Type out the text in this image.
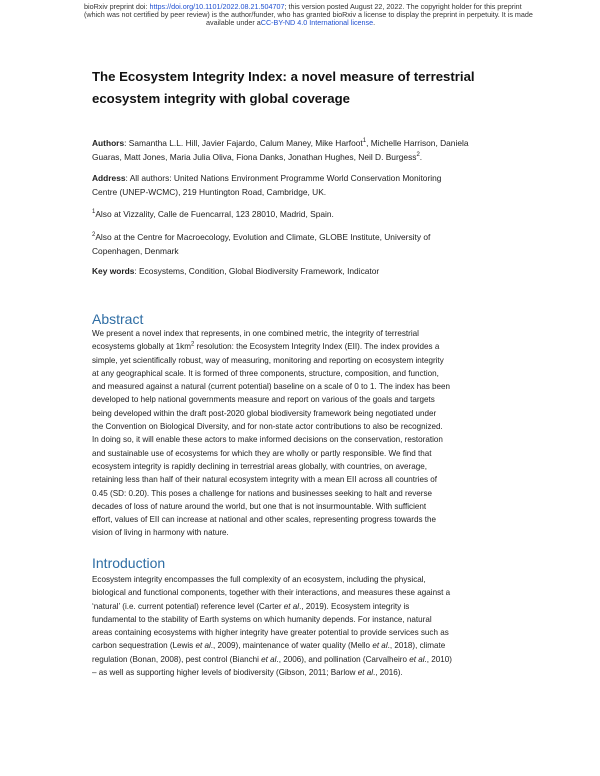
bioRxiv preprint doi: https://doi.org/10.1101/2022.08.21.504707; this version posted August 22, 2022. The copyright holder for this preprint
(which was not certified by peer review) is the author/funder, who has granted bioRxiv a license to display the preprint in perpetuity. It is made
available under aCC-BY-ND 4.0 International license.
The Ecosystem Integrity Index: a novel measure of terrestrial
ecosystem integrity with global coverage
Authors: Samantha L.L. Hill, Javier Fajardo, Calum Maney, Mike Harfoot$^1$, Michelle Harrison, Daniela
Guaras, Matt Jones, Maria Julia Oliva, Fiona Danks, Jonathan Hughes, Neil D. Burgess$^2$.
Address: All authors: United Nations Environment Programme World Conservation Monitoring
Centre (UNEP-WCMC), 219 Huntington Road, Cambridge, UK.
$^1$Also at Vizzality, Calle de Fuencarral, 123 28010, Madrid, Spain.
$^2$Also at the Centre for Macroecology, Evolution and Climate, GLOBE Institute, University of
Copenhagen, Denmark
Key words: Ecosystems, Condition, Global Biodiversity Framework, Indicator
Abstract
We present a novel index that represents, in one combined metric, the integrity of terrestrial
ecosystems globally at $1km^2$ resolution: the Ecosystem Integrity Index (EII). The index provides a
simple, yet scientifically robust, way of measuring, monitoring and reporting on ecosystem integrity
at any geographical scale. It is formed of three components, structure, composition, and function,
and measured against a natural (current potential) baseline on a scale of 0 to 1. The index has been
developed to help national governments measure and report on various of the goals and targets
being developed within the draft post-2020 global biodiversity framework being negotiated under
the Convention on Biological Diversity, and for non-state actor contributions to also be recognized.
In doing so, it will enable these actors to make informed decisions on the conservation, restoration
and sustainable use of ecosystems for which they are wholly or partly responsible. We find that
ecosystem integrity is rapidly declining in terrestrial areas globally, with countries, on average,
retaining less than half of their natural ecosystem integrity with a mean EII across all countries of
0.45 (SD: 0.20). This poses a challenge for nations and businesses seeking to halt and reverse
decades of loss of nature around the world, but one that is not insurmountable. With sufficient
effort, values of EII can increase at national and other scales, representing progress towards the
vision of living in harmony with nature.
Introduction
Ecosystem integrity encompasses the full complexity of an ecosystem, including the physical,
biological and functional components, together with their interactions, and measures these against a
‘natural’ (i.e. current potential) reference level (Carter et al., 2019). Ecosystem integrity is
fundamental to the stability of Earth systems on which humanity depends. For instance, natural
areas containing ecosystems with higher integrity have greater potential to provide services such as
carbon sequestration (Lewis et al., 2009), maintenance of water quality (Mello et al., 2018), climate
regulation (Bonan, 2008), pest control (Bianchi et al., 2006), and pollination (Carvalheiro et al., 2010)
– as well as supporting higher levels of biodiversity (Gibson, 2011; Barlow et al., 2016).
